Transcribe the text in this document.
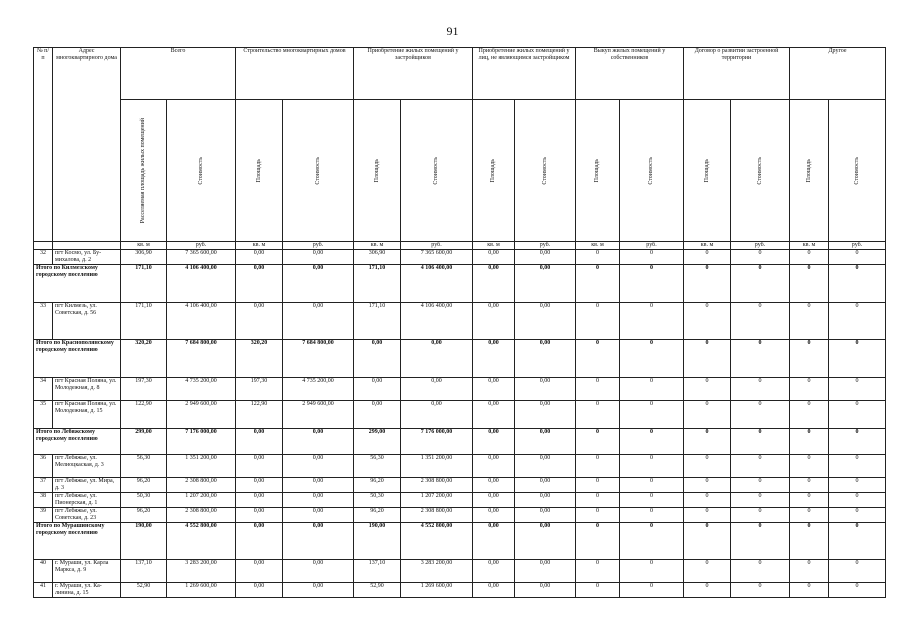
91
№ п/п	Адрес многоквартирного дома	Всего		Строительство многоквартирных домов		Приобретение жилых помещений у застройщиков		Приобретение жилых помещений у лиц, не являющимся застройщиком		Выкуп жилых помещений у собственников		Договор о развитии застроенной территории		Другое	

		Расселяемая площадь жилых помещений	Стоимость	Площадь	Стоимость	Площадь	Стоимость	Площадь	Стоимость	Площадь	Стоимость	Площадь	Стоимость	Площадь	Стоимость

		кв. м	руб.	кв. м	руб.	кв. м	руб.	кв. м	руб.	кв. м	руб.	кв. м	руб.	кв. м	руб.
32	пгт Космо, ул. Бу-михалова, д. 2	306,90	7 365 600,00	0,00	0,00	306,90	7 365 600,00	0,00	0,00	0	0	0	0	0	0
Итого по Килмезскому городскому поселению		171,10	4 106 400,00	0,00	0,00	171,10	4 106 400,00	0,00	0,00	0	0	0	0	0	0
33	пгт Килмезь, ул. Советская, д. 56	171,10	4 106 400,00	0,00	0,00	171,10	4 106 400,00	0,00	0,00	0	0	0	0	0	0
Итого по Краснополянскому городскому поселению		320,20	7 684 800,00	320,20	7 684 800,00	0,00	0,00	0,00	0,00	0	0	0	0	0	0
34	пгт Красная Поляна, ул. Молодежная, д. 8	197,30	4 735 200,00	197,30	4 735 200,00	0,00	0,00	0,00	0,00	0	0	0	0	0	0
35	пгт Красная Поляна, ул. Молодежная, д. 15	122,90	2 949 600,00	122,90	2 949 600,00	0,00	0,00	0,00	0,00	0	0	0	0	0	0
Итого по Лебяжскому городскому поселению		299,00	7 176 000,00	0,00	0,00	299,00	7 176 000,00	0,00	0,00	0	0	0	0	0	0
36	пгт Лебяжье, ул. Мелиоцкаская, д. 3	56,30	1 351 200,00	0,00	0,00	56,30	1 351 200,00	0,00	0,00	0	0	0	0	0	0
37	пгт Лебяжье, ул. Мира, д. 3	96,20	2 308 800,00	0,00	0,00	96,20	2 308 800,00	0,00	0,00	0	0	0	0	0	0
38	пгт Лебяжье, ул. Пионерская, д. 1	50,30	1 207 200,00	0,00	0,00	50,30	1 207 200,00	0,00	0,00	0	0	0	0	0	0
39	пгт Лебяжье, ул. Советская, д. 23	96,20	2 308 800,00	0,00	0,00	96,20	2 308 800,00	0,00	0,00	0	0	0	0	0	0
Итого по Мурашинскому городскому поселению		190,00	4 552 800,00	0,00	0,00	190,00	4 552 800,00	0,00	0,00	0	0	0	0	0	0
40	г. Мураши, ул. Карла Маркса, д. 9	137,10	3 283 200,00	0,00	0,00	137,10	3 283 200,00	0,00	0,00	0	0	0	0	0	0
41	г. Мураши, ул. Ка-линина, д. 15	52,90	1 269 600,00	0,00	0,00	52,90	1 269 600,00	0,00	0,00	0	0	0	0	0	0
